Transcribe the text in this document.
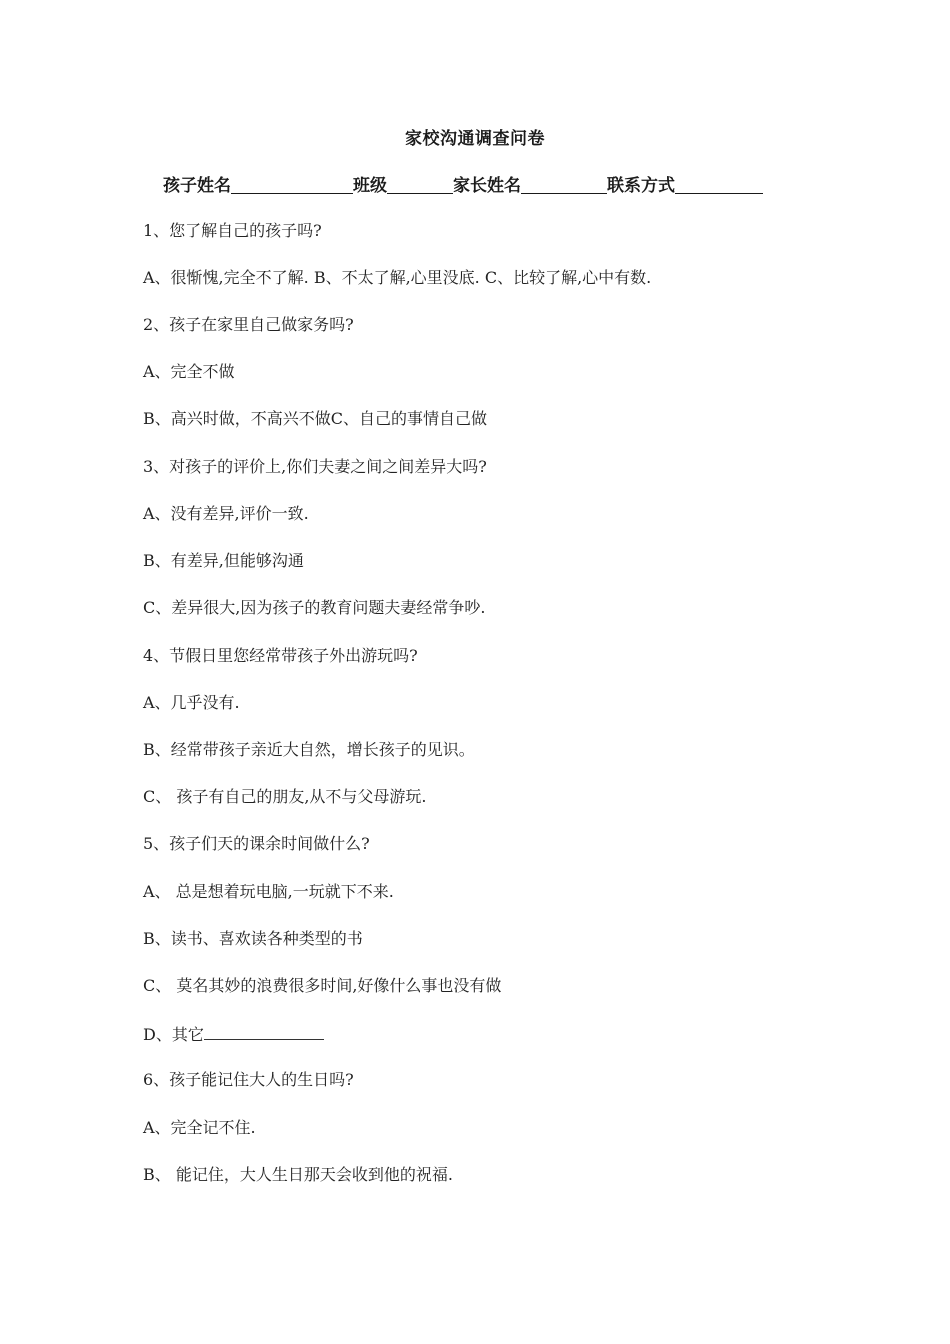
家校沟通调查问卷
孩子姓名	班级	家长姓名	联系方式
1、您了解自己的孩子吗?
A、很惭愧,完全不了解. B、不太了解,心里没底. C、比较了解,心中有数.
2、孩子在家里自己做家务吗?
A、完全不做
B、高兴时做，不高兴不做C、自己的事情自己做
3、对孩子的评价上,你们夫妻之间之间差异大吗?
A、没有差异,评价一致.
B、有差异,但能够沟通
C、差异很大,因为孩子的教育问题夫妻经常争吵.
4、节假日里您经常带孩子外出游玩吗?
A、几乎没有.
B、经常带孩子亲近大自然，增长孩子的见识。
C、 孩子有自己的朋友,从不与父母游玩.
5、孩子们天的课余时间做什么?
A、 总是想着玩电脑,一玩就下不来.
B、读书、喜欢读各种类型的书
C、 莫名其妙的浪费很多时间,好像什么事也没有做
D、其它
6、孩子能记住大人的生日吗?
A、完全记不住.
B、 能记住，大人生日那天会收到他的祝福.
